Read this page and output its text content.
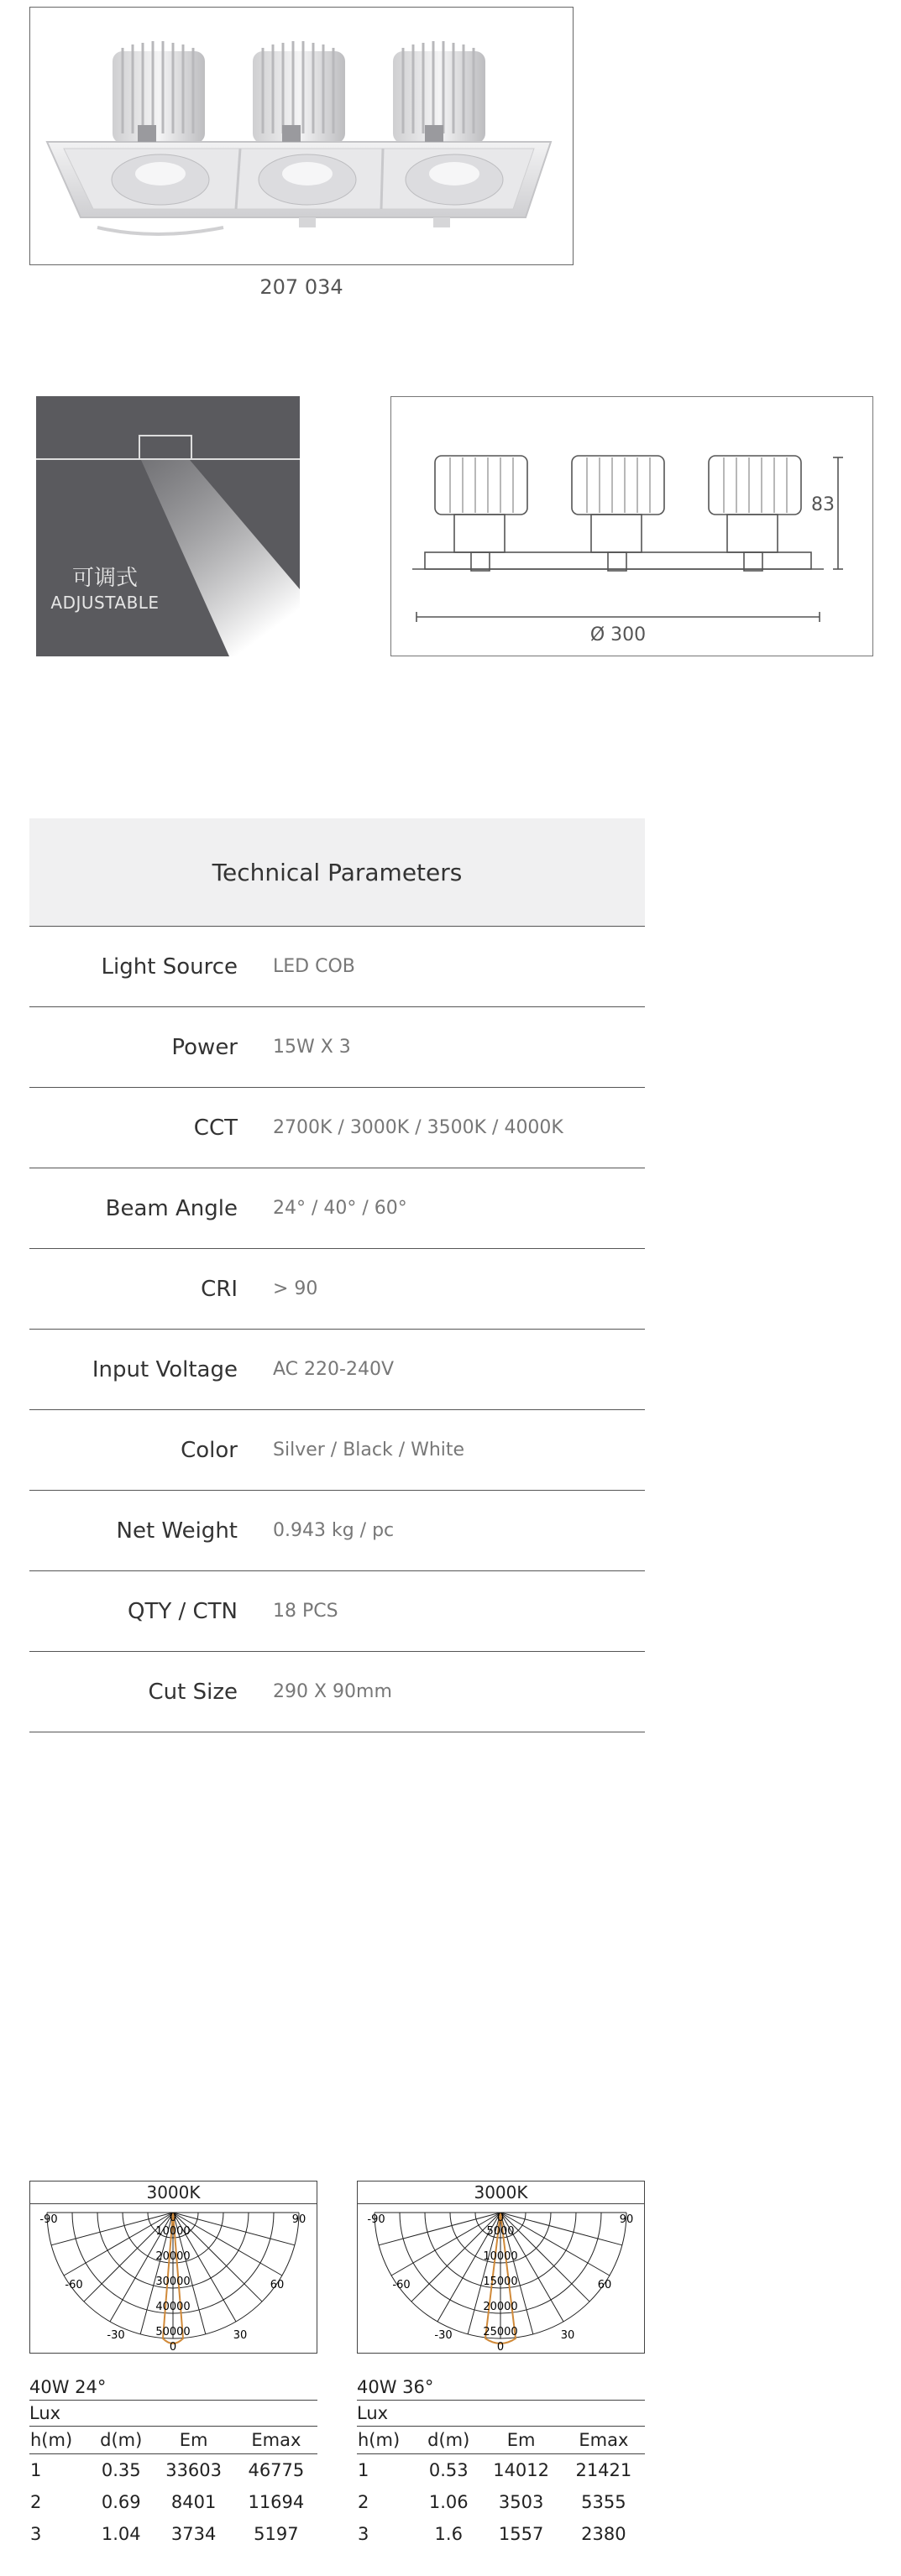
207 034
可调式
ADJUSTABLE
83
Ø 300
Technical Parameters
Light Source LED COB
Power 15W X 3
CCT 2700K / 3000K / 3500K / 4000K
Beam Angle 24° / 40° / 60°
CRI > 90
Input Voltage AC 220-240V
Color Silver / Black / White
Net Weight 0.943 kg / pc
QTY / CTN 18 PCS
Cut Size 290 X 90mm
3000K
10000
20000
30000
40000
50000
-90	90
-60	60
-30	30
0
0
40W 24°
Lux
h(m)	d(m)	Em	Emax
1	0.35	33603	46775
2	0.69	8401	11694
3	1.04	3734	5197
3000K
5000
10000
15000
20000
25000
-90	90
-60	60
-30	30
0
0
40W 36°
Lux
h(m)	d(m)	Em	Emax
1	0.53	14012	21421
2	1.06	3503	5355
3	1.6	1557	2380
